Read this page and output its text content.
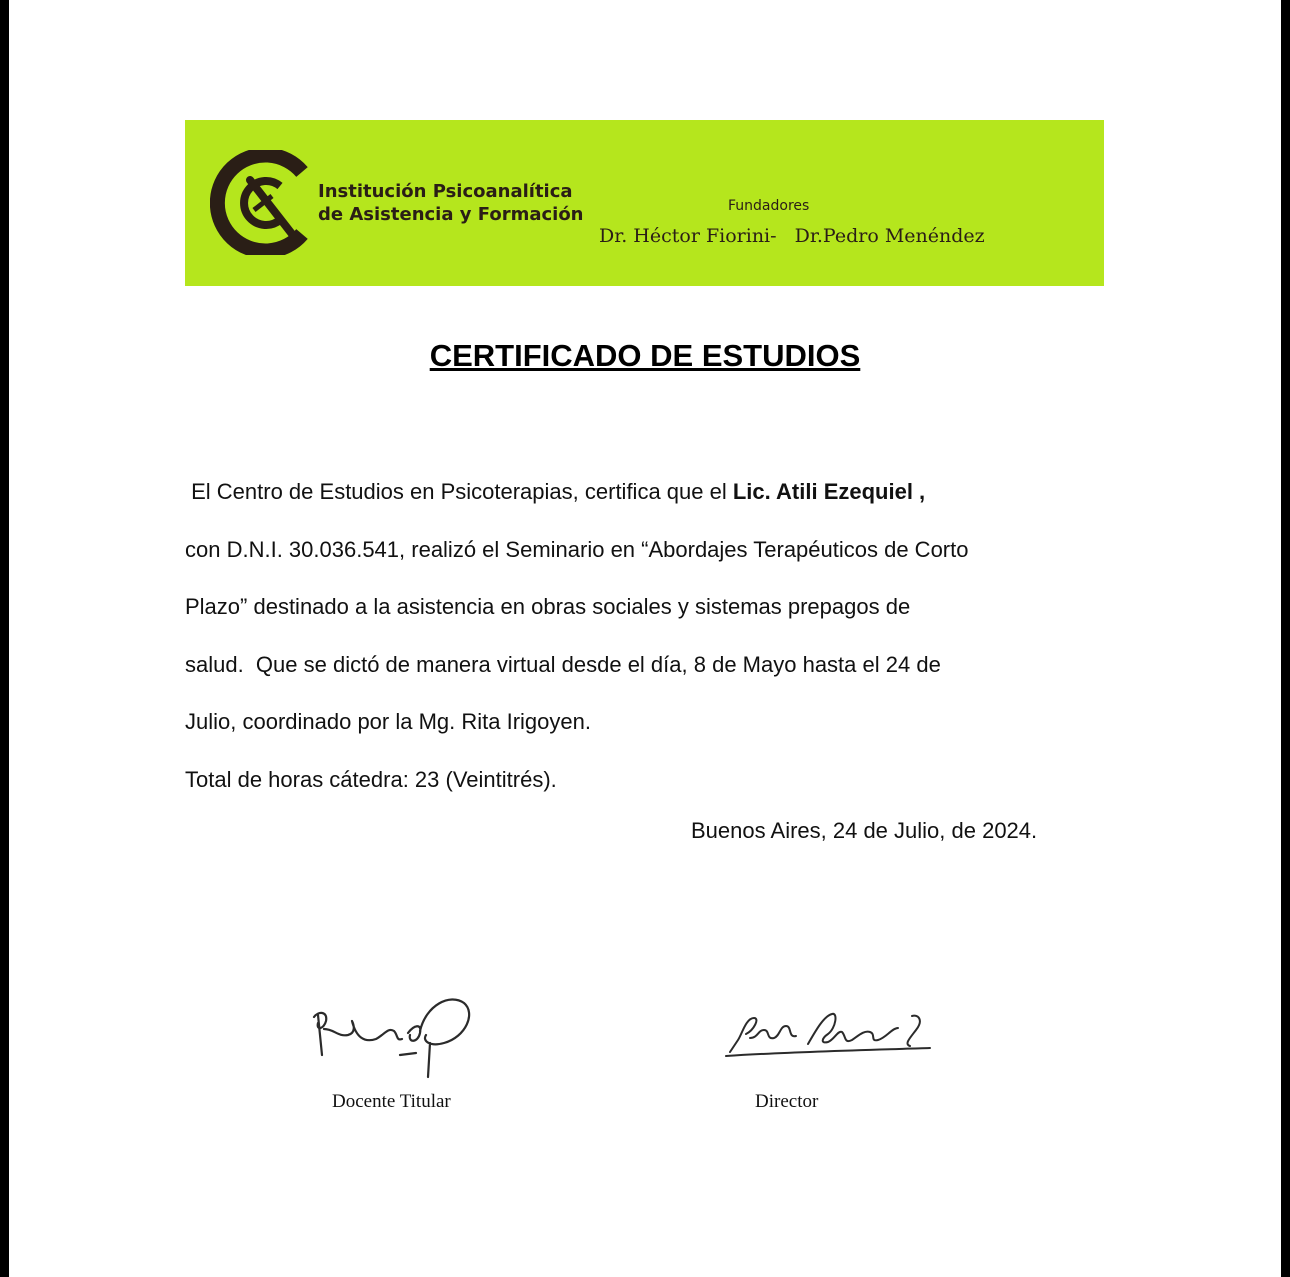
Institución Psicoanalítica
de Asistencia y Formación	Fundadores
Dr. Héctor Fiorini-   Dr.Pedro Menéndez
CERTIFICADO DE ESTUDIOS
El Centro de Estudios en Psicoterapias, certifica que el Lic. Atili Ezequiel ,
con D.N.I. 30.036.541, realizó el Seminario en “Abordajes Terapéuticos de Corto
Plazo” destinado a la asistencia en obras sociales y sistemas prepagos de
salud.  Que se dictó de manera virtual desde el día, 8 de Mayo hasta el 24 de
Julio, coordinado por la Mg. Rita Irigoyen.
Total de horas cátedra: 23 (Veintitrés).
Buenos Aires, 24 de Julio, de 2024.
Docente Titular	Director
